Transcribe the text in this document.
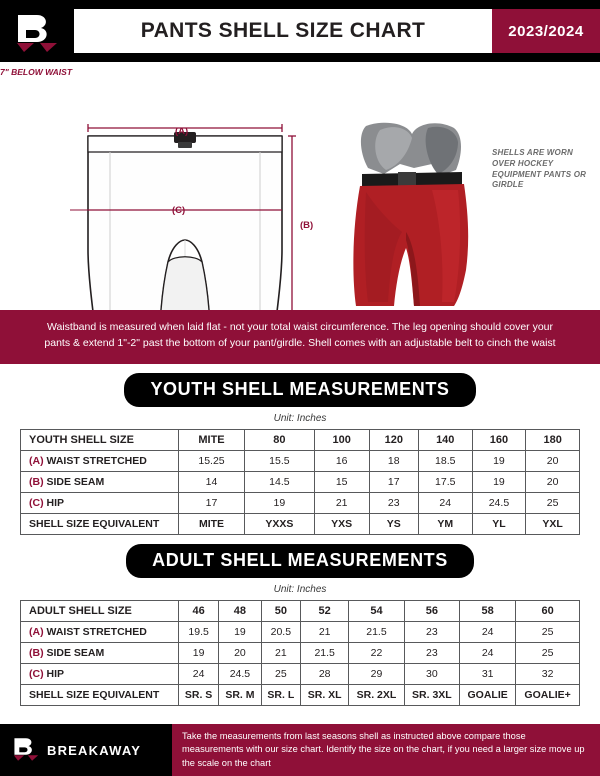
PANTS SHELL SIZE CHART	2023/2024
(A)
(B)
(C)
7" BELOW WAIST
SHELLS ARE WORN OVER HOCKEY EQUIPMENT PANTS OR GIRDLE
Waistband is measured when laid flat - not your total waist circumference. The leg opening should cover your pants & extend 1"-2" past the bottom of your pant/girdle. Shell comes with an adjustable belt to cinch the waist
YOUTH SHELL MEASUREMENTS
Unit: Inches
YOUTH SHELL SIZE	MITE	80	100	120	140	160	180
(A) WAIST STRETCHED	15.25	15.5	16	18	18.5	19	20
(B) SIDE SEAM	14	14.5	15	17	17.5	19	20
(C) HIP	17	19	21	23	24	24.5	25
SHELL SIZE EQUIVALENT	MITE	YXXS	YXS	YS	YM	YL	YXL
ADULT SHELL MEASUREMENTS
Unit: Inches
ADULT SHELL SIZE	46	48	50	52	54	56	58	60
(A) WAIST STRETCHED	19.5	19	20.5	21	21.5	23	24	25
(B) SIDE SEAM	19	20	21	21.5	22	23	24	25
(C) HIP	24	24.5	25	28	29	30	31	32
SHELL SIZE EQUIVALENT	SR. S	SR. M	SR. L	SR. XL	SR. 2XL	SR. 3XL	GOALIE	GOALIE+
BREAKAWAY
Take the measurements from last seasons shell as instructed above compare those measurements with our size chart. Identify the size on the chart, if you need a larger size move up the scale on the chart
